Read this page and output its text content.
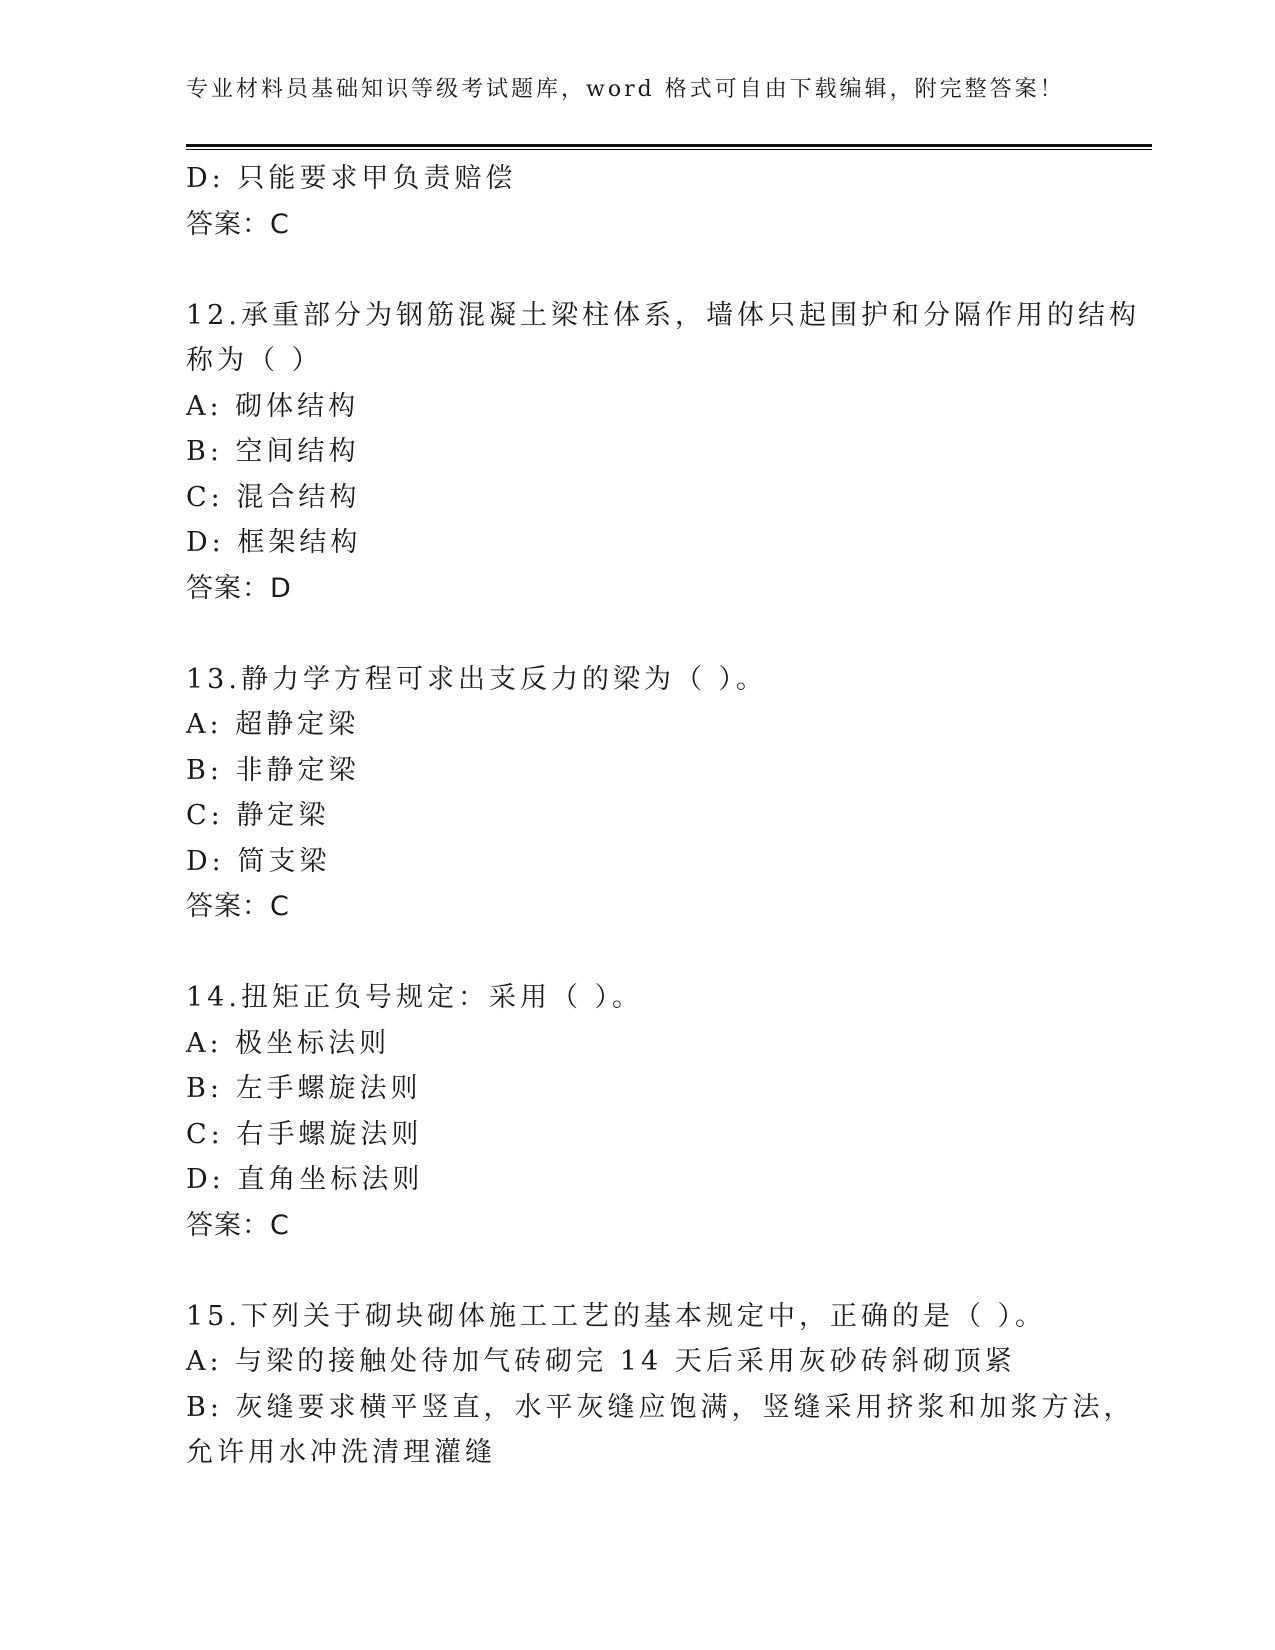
专业材料员基础知识等级考试题库，word 格式可自由下载编辑，附完整答案！
D: 只能要求甲负责赔偿
答案：C
12.承重部分为钢筋混凝土梁柱体系，墙体只起围护和分隔作用的结构
称为（ ）
A: 砌体结构
B: 空间结构
C: 混合结构
D: 框架结构
答案：D
13.静力学方程可求出支反力的梁为（ ）。
A: 超静定梁
B: 非静定梁
C: 静定梁
D: 简支梁
答案：C
14.扭矩正负号规定：采用（ ）。
A: 极坐标法则
B: 左手螺旋法则
C: 右手螺旋法则
D: 直角坐标法则
答案：C
15.下列关于砌块砌体施工工艺的基本规定中，正确的是（ ）。
A: 与梁的接触处待加气砖砌完 14 天后采用灰砂砖斜砌顶紧
B: 灰缝要求横平竖直，水平灰缝应饱满，竖缝采用挤浆和加浆方法，
允许用水冲洗清理灌缝
